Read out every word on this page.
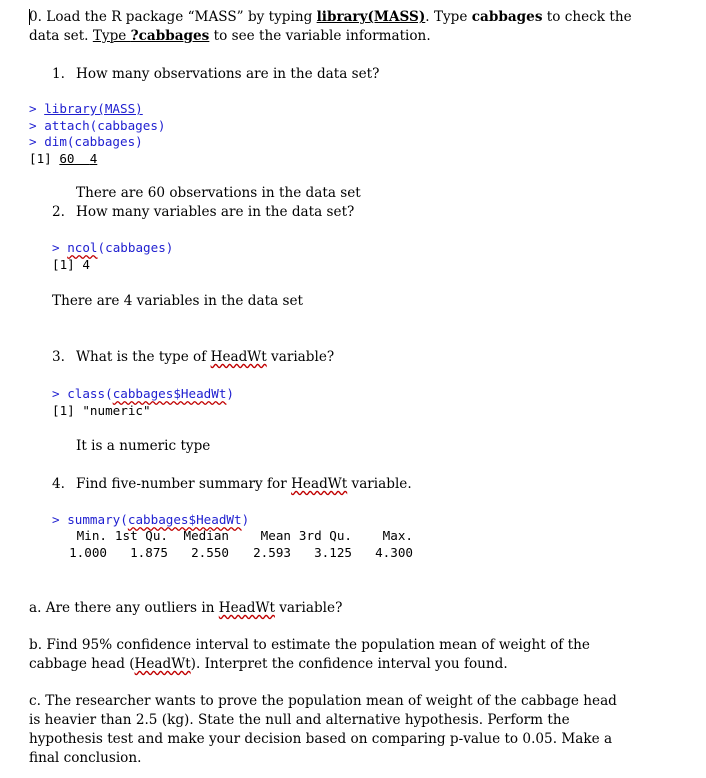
0. Load the R package “MASS” by typing library(MASS). Type cabbages to check the
data set. Type ?cabbages to see the variable information.
1. How many observations are in the data set?
> library(MASS)
> attach(cabbages)
> dim(cabbages)
[1] 60 4
There are 60 observations in the data set
2. How many variables are in the data set?
> ncol(cabbages)
[1] 4
There are 4 variables in the data set
3. What is the type of HeadWt variable?
> class(cabbages$HeadWt)
[1] "numeric"
It is a numeric type
4. Find five-number summary for HeadWt variable.
> summary(cabbages$HeadWt)
Min.	1st Qu.	Median	Mean	3rd Qu.	Max.
1.000	1.875	2.550	2.593	3.125	4.300
a. Are there any outliers in HeadWt variable?
b. Find 95% confidence interval to estimate the population mean of weight of the
cabbage head (HeadWt). Interpret the confidence interval you found.
c. The researcher wants to prove the population mean of weight of the cabbage head
is heavier than 2.5 (kg). State the null and alternative hypothesis. Perform the
hypothesis test and make your decision based on comparing p-value to 0.05. Make a
final conclusion.
